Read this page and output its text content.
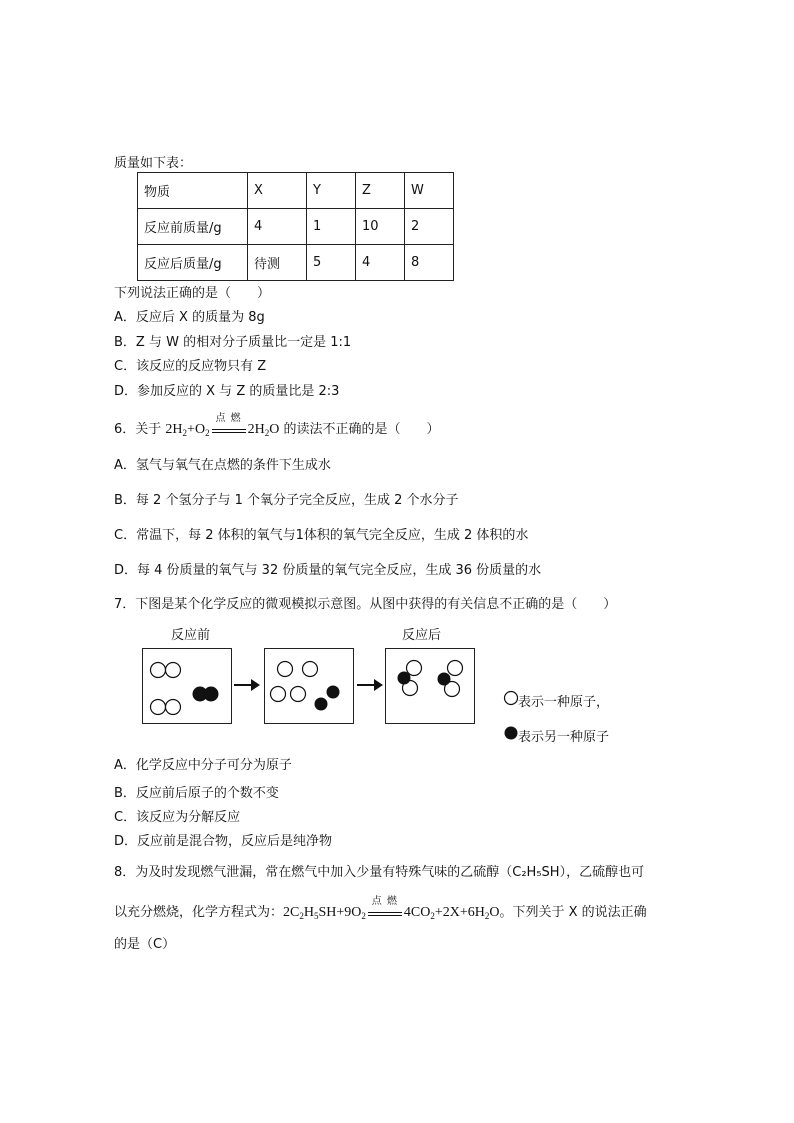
质量如下表：
物质	X	Y	Z	W
反应前质量/g	4	1	10	2
反应后质量/g	待测	5	4	8
下列说法正确的是（　　）
A．反应后 X 的质量为 8g
B．Z 与 W 的相对分子质量比一定是 1:1
C．该反应的反应物只有 Z
D．参加反应的 X 与 Z 的质量比是 2:3
6．关于 $2H_2+O_2$
点 燃
$2H_2O$ 的读法不正确的是（　　）
A．氢气与氧气在点燃的条件下生成水
B．每 2 个氢分子与 1 个氧分子完全反应，生成 2 个水分子
C．常温下，每 2 体积的氧气与1体积的氧气完全反应，生成 2 体积的水
D．每 4 份质量的氧气与 32 份质量的氧气完全反应，生成 36 份质量的水
7．下图是某个化学反应的微观模拟示意图。从图中获得的有关信息不正确的是（　　）
反应前	反应后
表示一种原子，
表示另一种原子
A．化学反应中分子可分为原子
B．反应前后原子的个数不变
C．该反应为分解反应
D．反应前是混合物，反应后是纯净物
8．为及时发现燃气泄漏，常在燃气中加入少量有特殊气味的乙硫醇（C₂H₅SH），乙硫醇也可
以充分燃烧，化学方程式为：$2C_2H_5SH+9O_2$
点 燃
$4CO_2+2X+6H_2O$。下列关于 X 的说法正确
的是（C）
